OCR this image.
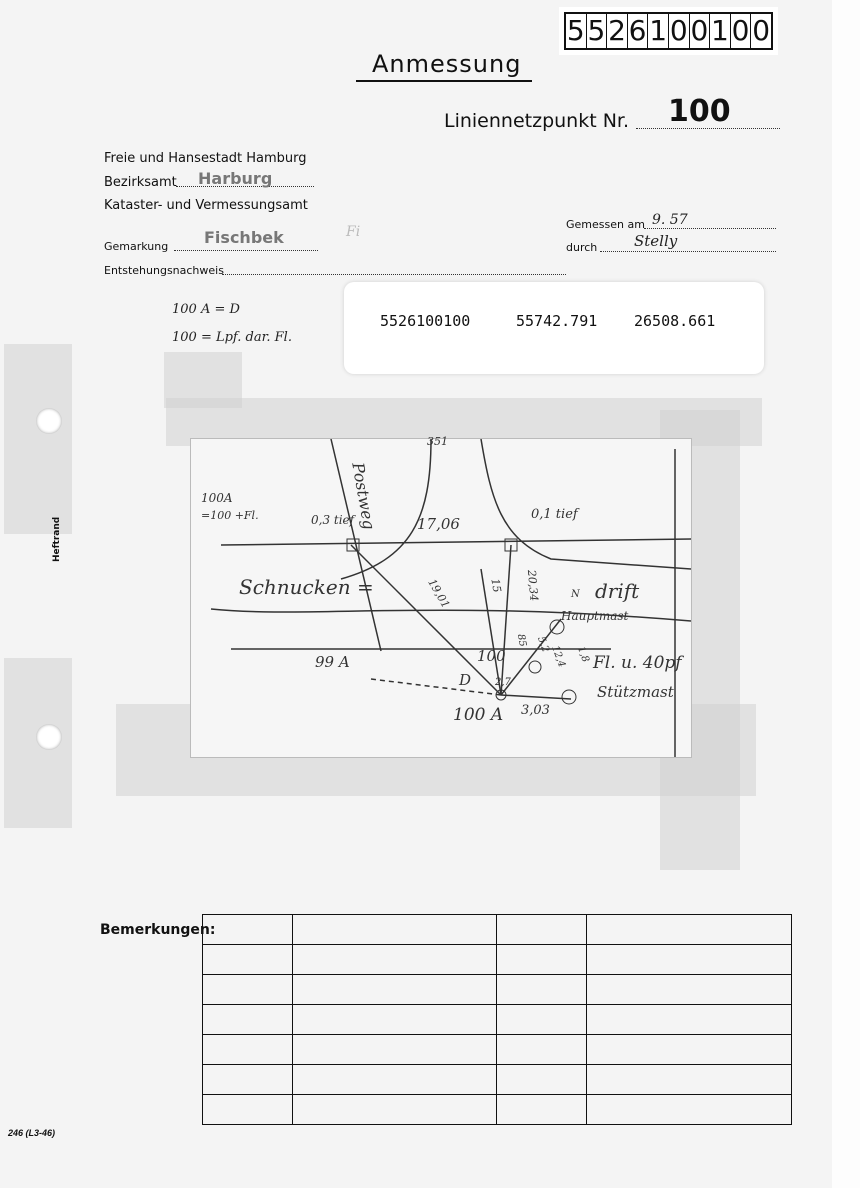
5 5 2 6 1 0 0 1 0 0
Anmessung
Liniennetzpunkt Nr. 100
Freie und Hansestadt Hamburg
Bezirksamt Harburg
Kataster- und Vermessungsamt
Gemarkung Fischbek	Fi
Entstehungsnachweis
Gemessen am 9. 57
durch Stelly
100 A = D
100 = Lpf. dar. Fl.
5526100100	55742.791 26508.661
Postweg
351
100A
=100 +Fl.	0,3 tief	0,1 tief
17,06
Schnucken =	drift
19,01	15 20,34
Hauptmast
N
Fl. u. 40pf
Stützmast
99 A	100
D
100 A 3,03
85
2,7
5,2
12,4 1,8
Heftrand
Bemerkungen:

246 (L3-46)
